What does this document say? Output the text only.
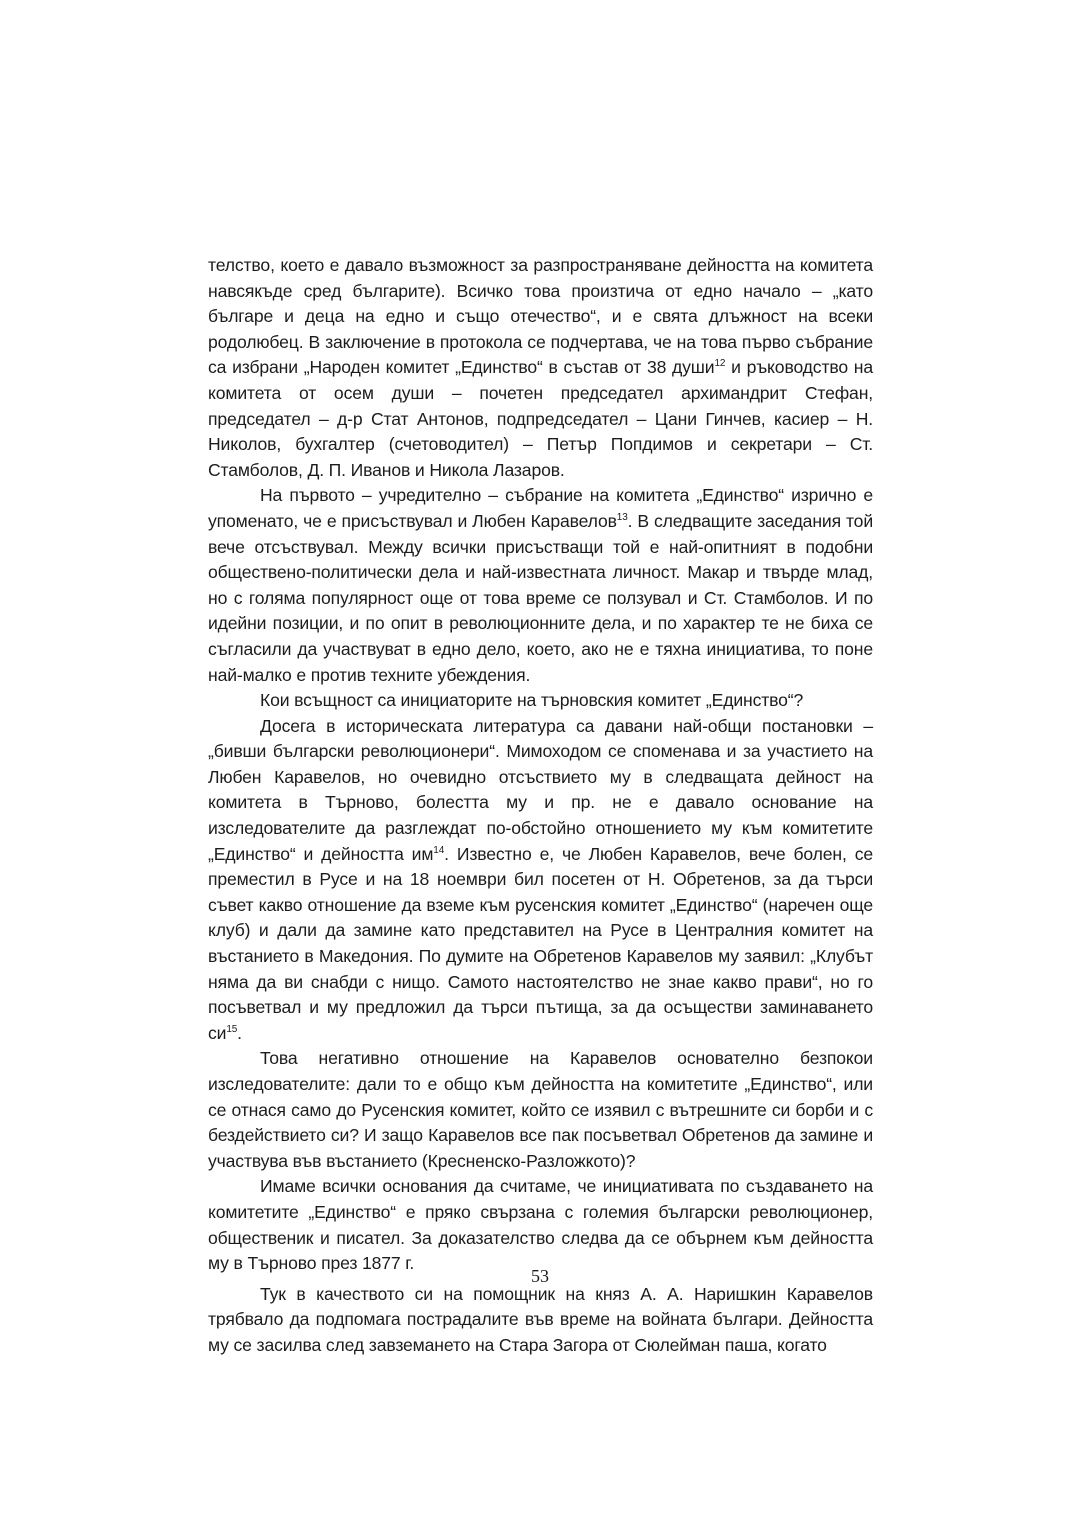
телство, което е давало възможност за разпространяване дейността на комитета навсякъде сред българите). Всичко това произтича от едно начало – „като българе и деца на едно и също отечество“, и е свята длъжност на всеки родолюбец. В заключение в протокола се подчертава, че на това първо събрание са избрани „Народен комитет „Единство“ в състав от 38 души$^{12}$ и ръководство на комитета от осем души – почетен председател архимандрит Стефан, председател – д-р Стат Антонов, подпредседател – Цани Гинчев, касиер – Н. Николов, бухгалтер (счетоводител) – Петър Попдимов и секретари – Ст. Стамболов, Д. П. Иванов и Никола Лазаров.

На първото – учредително – събрание на комитета „Единство“ изрично е упоменато, че е присъствувал и Любен Каравелов$^{13}$. В следващите заседания той вече отсъствувал. Между всички присъстващи той е най-опитният в подобни обществено-политически дела и най-известната личност. Макар и твърде млад, но с голяма популярност още от това време се ползувал и Ст. Стамболов. И по идейни позиции, и по опит в революционните дела, и по характер те не биха се съгласили да участвуват в едно дело, което, ако не е тяхна инициатива, то поне най-малко е против техните убеждения.

Кои всъщност са инициаторите на търновския комитет „Единство“?

Досега в историческата литература са давани най-общи постановки – „бивши български революционери“. Мимоходом се споменава и за участието на Любен Каравелов, но очевидно отсъствието му в следващата дейност на комитета в Търново, болестта му и пр. не е давало основание на изследователите да разглеждат по-обстойно отношението му към комитетите „Единство“ и дейността $им^{14}$. Известно е, че Любен Каравелов, вече болен, се преместил в Русе и на 18 ноември бил посетен от Н. Обретенов, за да търси съвет какво отношение да вземе към русенския комитет „Единство“ (наречен още клуб) и дали да замине като представител на Русе в Централния комитет на въстанието в Македония. По думите на Обретенов Каравелов му заявил: „Клубът няма да ви снабди с нищо. Самото настоятелство не знае какво прави“, но го посъветвал и му предложил да търси пътища, за да осъществи заминаването $си^{15}$.

Това негативно отношение на Каравелов основателно безпокои изследователите: дали то е общо към дейността на комитетите „Единство“, или се отнася само до Русенския комитет, който се изявил с вътрешните си борби и с бездействието си? И защо Каравелов все пак посъветвал Обретенов да замине и участвува във въстанието (Кресненско-Разложкото)?

Имаме всички основания да считаме, че инициативата по създаването на комитетите „Единство“ е пряко свързана с големия български революционер, общественик и писател. За доказателство следва да се обърнем към дейността му в Търново през 1877 г.

Тук в качеството си на помощник на княз А. А. Наришкин Каравелов трябвало да подпомага пострадалите във време на войната българи. Дейността му се засилва след завземането на Стара Загора от Сюлейман паша, когато

53
